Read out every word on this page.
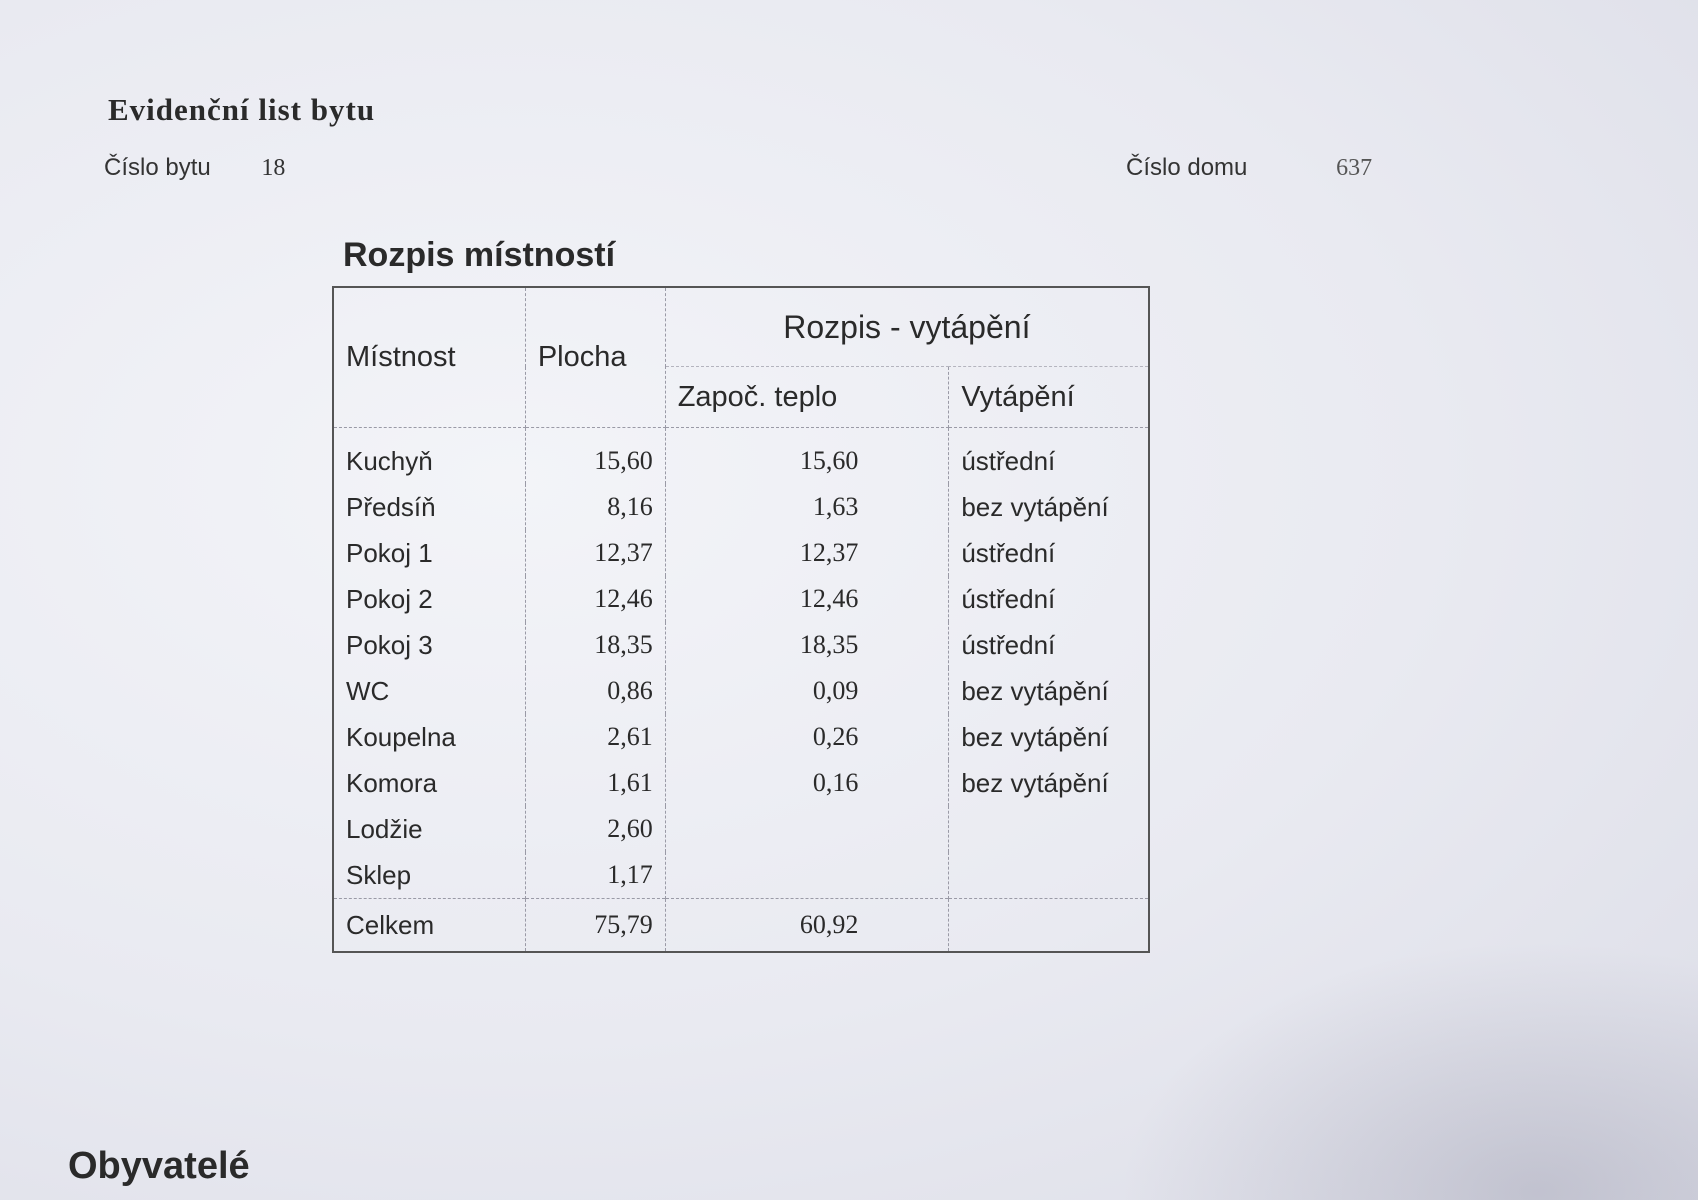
Evidenční list bytu
Číslo bytu 18	Číslo domu	637
Rozpis místností
Místnost	Plocha	Rozpis - vytápění	
		Započ. teplo	Vytápění
Kuchyň	15,60	15,60	ústřední
Předsíň	8,16	1,63	bez vytápění
Pokoj 1	12,37	12,37	ústřední
Pokoj 2	12,46	12,46	ústřední
Pokoj 3	18,35	18,35	ústřední
WC	0,86	0,09	bez vytápění
Koupelna	2,61	0,26	bez vytápění
Komora	1,61	0,16	bez vytápění
Lodžie	2,60		
Sklep	1,17		
Celkem	75,79	60,92	
Obyvatelé
